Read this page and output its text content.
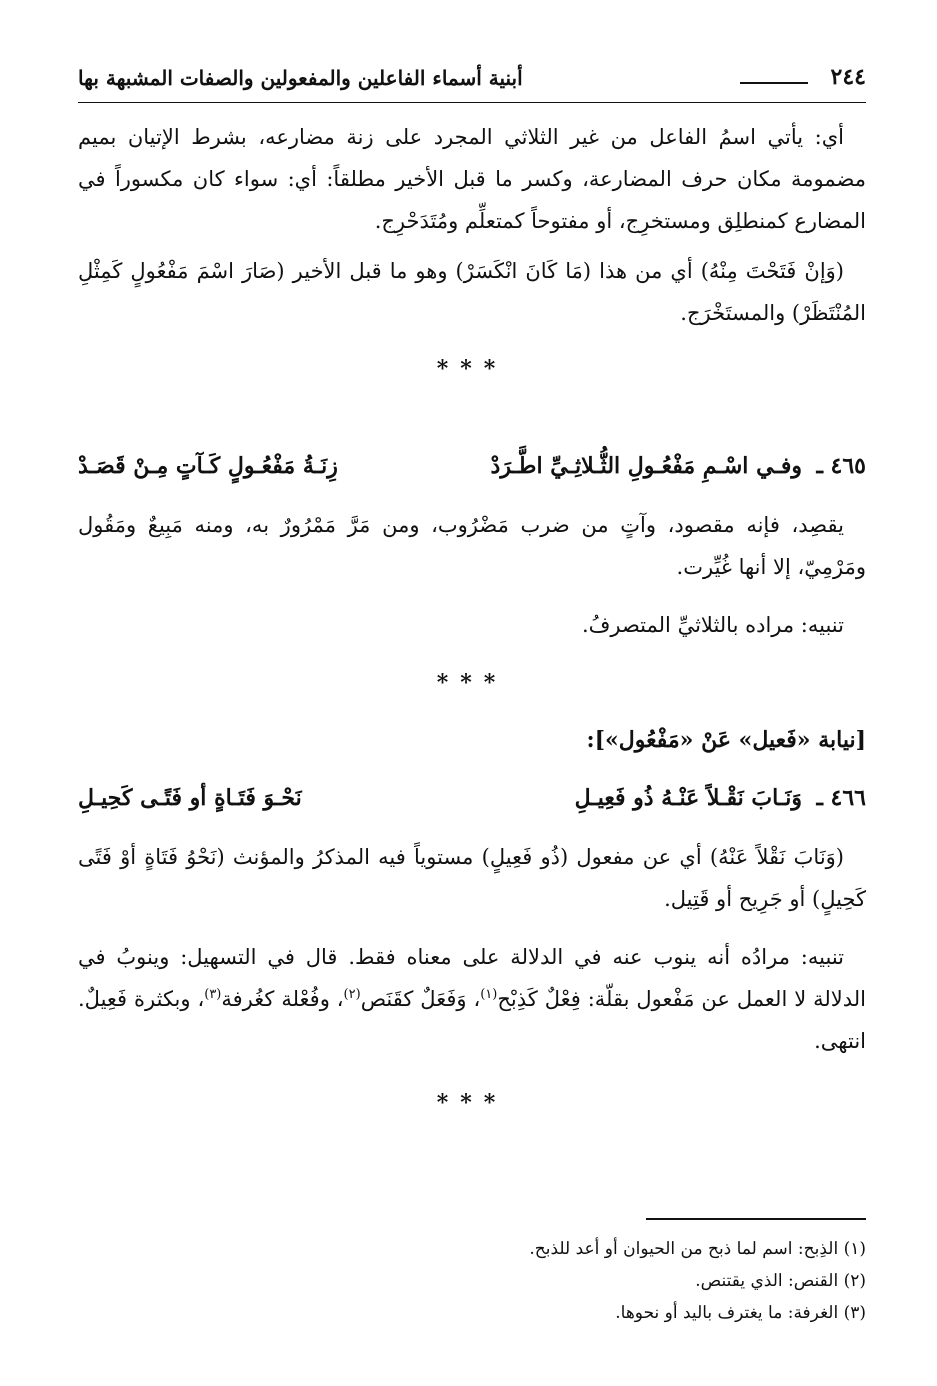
٢٤٤
أبنية أسماء الفاعلين والمفعولين والصفات المشبهة بها

أي: يأتي اسمُ الفاعل من غير الثلاثي المجرد على زنة مضارعه، بشرط الإتيان بميم مضمومة مكان حرف المضارعة، وكسر ما قبل الأخير مطلقاً: أي: سواء كان مكسوراً في المضارع كمنطلِق ومستخرِج، أو مفتوحاً كمتعلِّم ومُتَدَحْرِج.

(وَإنْ فَتَحْتَ مِنْهُ) أي من هذا (مَا كَانَ انْكَسَرْ) وهو ما قبل الأخير (صَارَ اسْمَ مَفْعُولٍ كَمِثْلِ المُنْتَظَرْ) والمستَخْرَج.

***
٤٦٥ ـ
وفـي اسْـمِ مَفْعُـولِ الثُّـلاثِـيِّ اطَّـرَدْ
زِنَـةُ مَفْعُـولٍ كَـآتٍ مِـنْ قَصَـدْ

يقصِد، فإنه مقصود، وآتٍ من ضرب مَضْرُوب، ومن مَرَّ مَمْرُورٌ به، ومنه مَبِيعٌ ومَقُول ومَرْمِيّ، إلا أنها غُيِّرت.

تنبيه: مراده بالثلاثيِّ المتصرفُ.

***
[نيابة «فَعيل» عَنْ «مَفْعُول»]:
٤٦٦ ـ
وَنَـابَ نَقْـلاً عَنْـهُ ذُو فَعِيـلِ
نَحْـوَ فَتَـاةٍ أو فَتًـى كَحِيـلِ

(وَنَابَ نَقْلاً عَنْهُ) أي عن مفعول (ذُو فَعِيلٍ) مستوياً فيه المذكرُ والمؤنث (نَحْوُ فَتَاةٍ أوْ فَتًى كَحِيلٍ) أو جَرِيح أو قَتِيل.

تنبيه: مرادُه أنه ينوب عنه في الدلالة على معناه فقط. قال في التسهيل: وينوبُ في الدلالة لا العمل عن مَفْعول بقلّة: فِعْلٌ كَذِبْح$^{(١)}$، وَفَعَلٌ كقَنَص$^{(٢)}$، وفُعْلة كغُرفة$^{(٣)}$، وبكثرة فَعِيلٌ. انتهى.

***
(١) الذِبح: اسم لما ذبح من الحيوان أو أعد للذبح.
(٢) القنص: الذي يقتنص.
(٣) الغرفة: ما يغترف باليد أو نحوها.
